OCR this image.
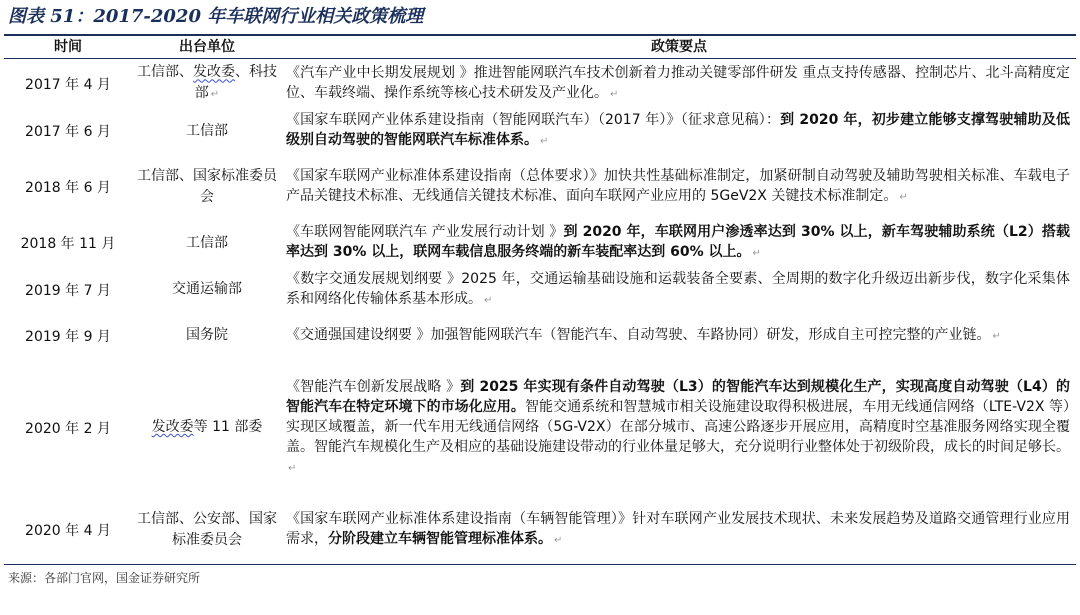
图表 51：2017-2020 年车联网行业相关政策梳理
时间	出台单位	政策要点
2017 年 4 月	工信部、发改委、科技部 ↵	《汽车产业中长期发展规划 》推进智能网联汽车技术创新着力推动关键零部件研发 重点支持传感器、控制芯片、北斗高精度定位、车载终端、操作系统等核心技术研发及产业化。 ↵
2017 年 6 月	工信部	《国家车联网产业体系建设指南（智能网联汽车）（2017 年）》（征求意见稿）：到 2020 年，初步建立能够支撑驾驶辅助及低级别自动驾驶的智能网联汽车标准体系。 ↵
2018 年 6 月	工信部、国家标准委员会	《国家车联网产业标准体系建设指南（总体要求）》加快共性基础标准制定，加紧研制自动驾驶及辅助驾驶相关标准、车载电子产品关键技术标准、无线通信关键技术标准、面向车联网产业应用的 5GeV2X 关键技术标准制定。 ↵
2018 年 11 月	工信部	《车联网智能网联汽车 产业发展行动计划 》到 2020 年，车联网用户渗透率达到 30% 以上，新车驾驶辅助系统（L2）搭载率达到 30% 以上，联网车载信息服务终端的新车装配率达到 60% 以上。 ↵
2019 年 7 月	交通运输部	《数字交通发展规划纲要 》2025 年，交通运输基础设施和运载装备全要素、全周期的数字化升级迈出新步伐，数字化采集体系和网络化传输体系基本形成。 ↵
2019 年 9 月	国务院	《交通强国建设纲要 》加强智能网联汽车（智能汽车、自动驾驶、车路协同）研发，形成自主可控完整的产业链。 ↵
2020 年 2 月	发改委等 11 部委	《智能汽车创新发展战略 》到 2025 年实现有条件自动驾驶（L3）的智能汽车达到规模化生产，实现高度自动驾驶（L4）的智能汽车在特定环境下的市场化应用。智能交通系统和智慧城市相关设施建设取得积极进展，车用无线通信网络（LTE-V2X 等）实现区域覆盖，新一代车用无线通信网络（5G-V2X）在部分城市、高速公路逐步开展应用，高精度时空基准服务网络实现全覆盖。智能汽车规模化生产及相应的基础设施建设带动的行业体量足够大，充分说明行业整体处于初级阶段，成长的时间足够长。↵
2020 年 4 月	工信部、公安部、国家标准委员会	《国家车联网产业标准体系建设指南（车辆智能管理）》针对车联网产业发展技术现状、未来发展趋势及道路交通管理行业应用需求，分阶段建立车辆智能管理标准体系。 ↵
来源：各部门官网，国金证券研究所
